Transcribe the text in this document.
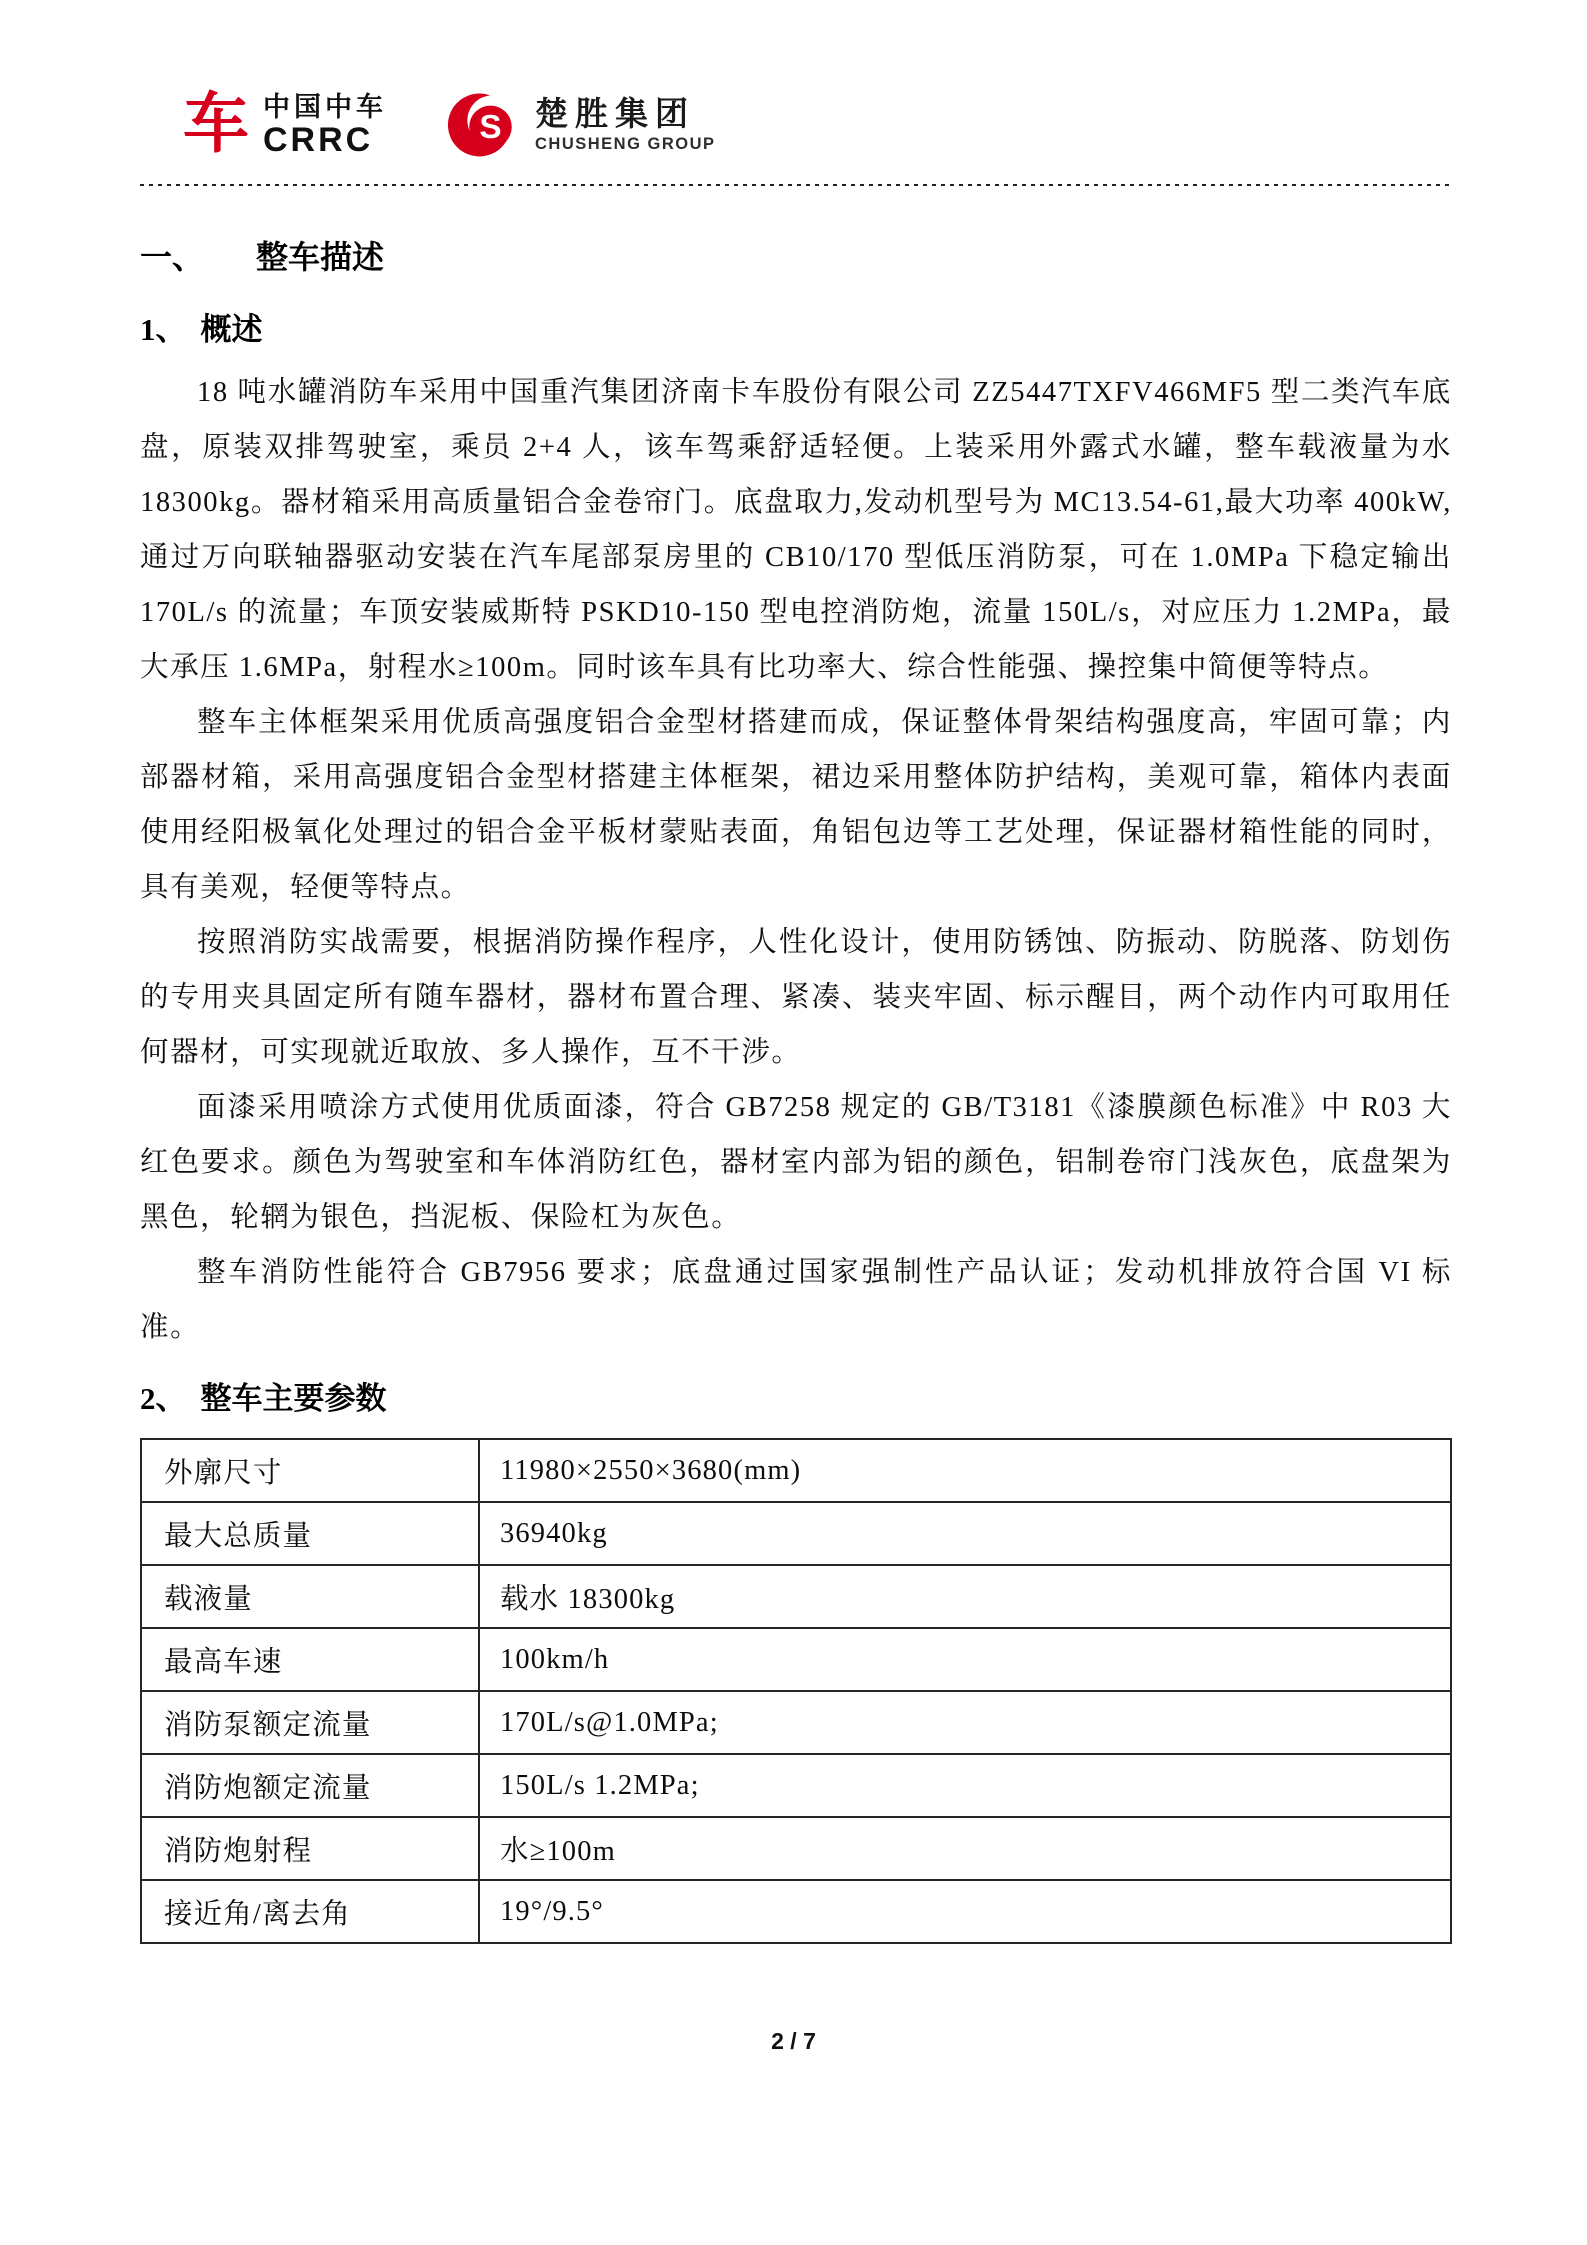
车 中国中车
CRRC	S 楚胜集团
CHUSHENG GROUP
一、 整车描述
1、 概述

18 吨水罐消防车采用中国重汽集团济南卡车股份有限公司 ZZ5447TXFV466MF5 型二类汽车底盘，原装双排驾驶室，乘员 2+4 人，该车驾乘舒适轻便。上装采用外露式水罐，整车载液量为水 18300kg。器材箱采用高质量铝合金卷帘门。底盘取力,发动机型号为 MC13.54-61,最大功率 400kW,通过万向联轴器驱动安装在汽车尾部泵房里的 CB10/170 型低压消防泵，可在 1.0MPa 下稳定输出 170L/s 的流量；车顶安装威斯特 PSKD10-150 型电控消防炮，流量 150L/s，对应压力 1.2MPa，最大承压 1.6MPa，射程水≥100m。同时该车具有比功率大、综合性能强、操控集中简便等特点。

整车主体框架采用优质高强度铝合金型材搭建而成，保证整体骨架结构强度高，牢固可靠；内部器材箱，采用高强度铝合金型材搭建主体框架，裙边采用整体防护结构，美观可靠，箱体内表面使用经阳极氧化处理过的铝合金平板材蒙贴表面，角铝包边等工艺处理，保证器材箱性能的同时，具有美观，轻便等特点。

按照消防实战需要，根据消防操作程序，人性化设计，使用防锈蚀、防振动、防脱落、防划伤的专用夹具固定所有随车器材，器材布置合理、紧凑、装夹牢固、标示醒目，两个动作内可取用任何器材，可实现就近取放、多人操作，互不干涉。

面漆采用喷涂方式使用优质面漆，符合 GB7258 规定的 GB/T3181《漆膜颜色标准》中 R03 大红色要求。颜色为驾驶室和车体消防红色，器材室内部为铝的颜色，铝制卷帘门浅灰色，底盘架为黑色，轮辋为银色，挡泥板、保险杠为灰色。

整车消防性能符合 GB7956 要求；底盘通过国家强制性产品认证；发动机排放符合国 VI 标准。

2、 整车主要参数
外廓尺寸	11980×2550×3680(mm)
最大总质量	36940kg
载液量	载水 18300kg
最高车速	100km/h
消防泵额定流量	170L/s@1.0MPa;
消防炮额定流量	150L/s 1.2MPa;
消防炮射程	水≥100m
接近角/离去角	19°/9.5°
2 / 7
